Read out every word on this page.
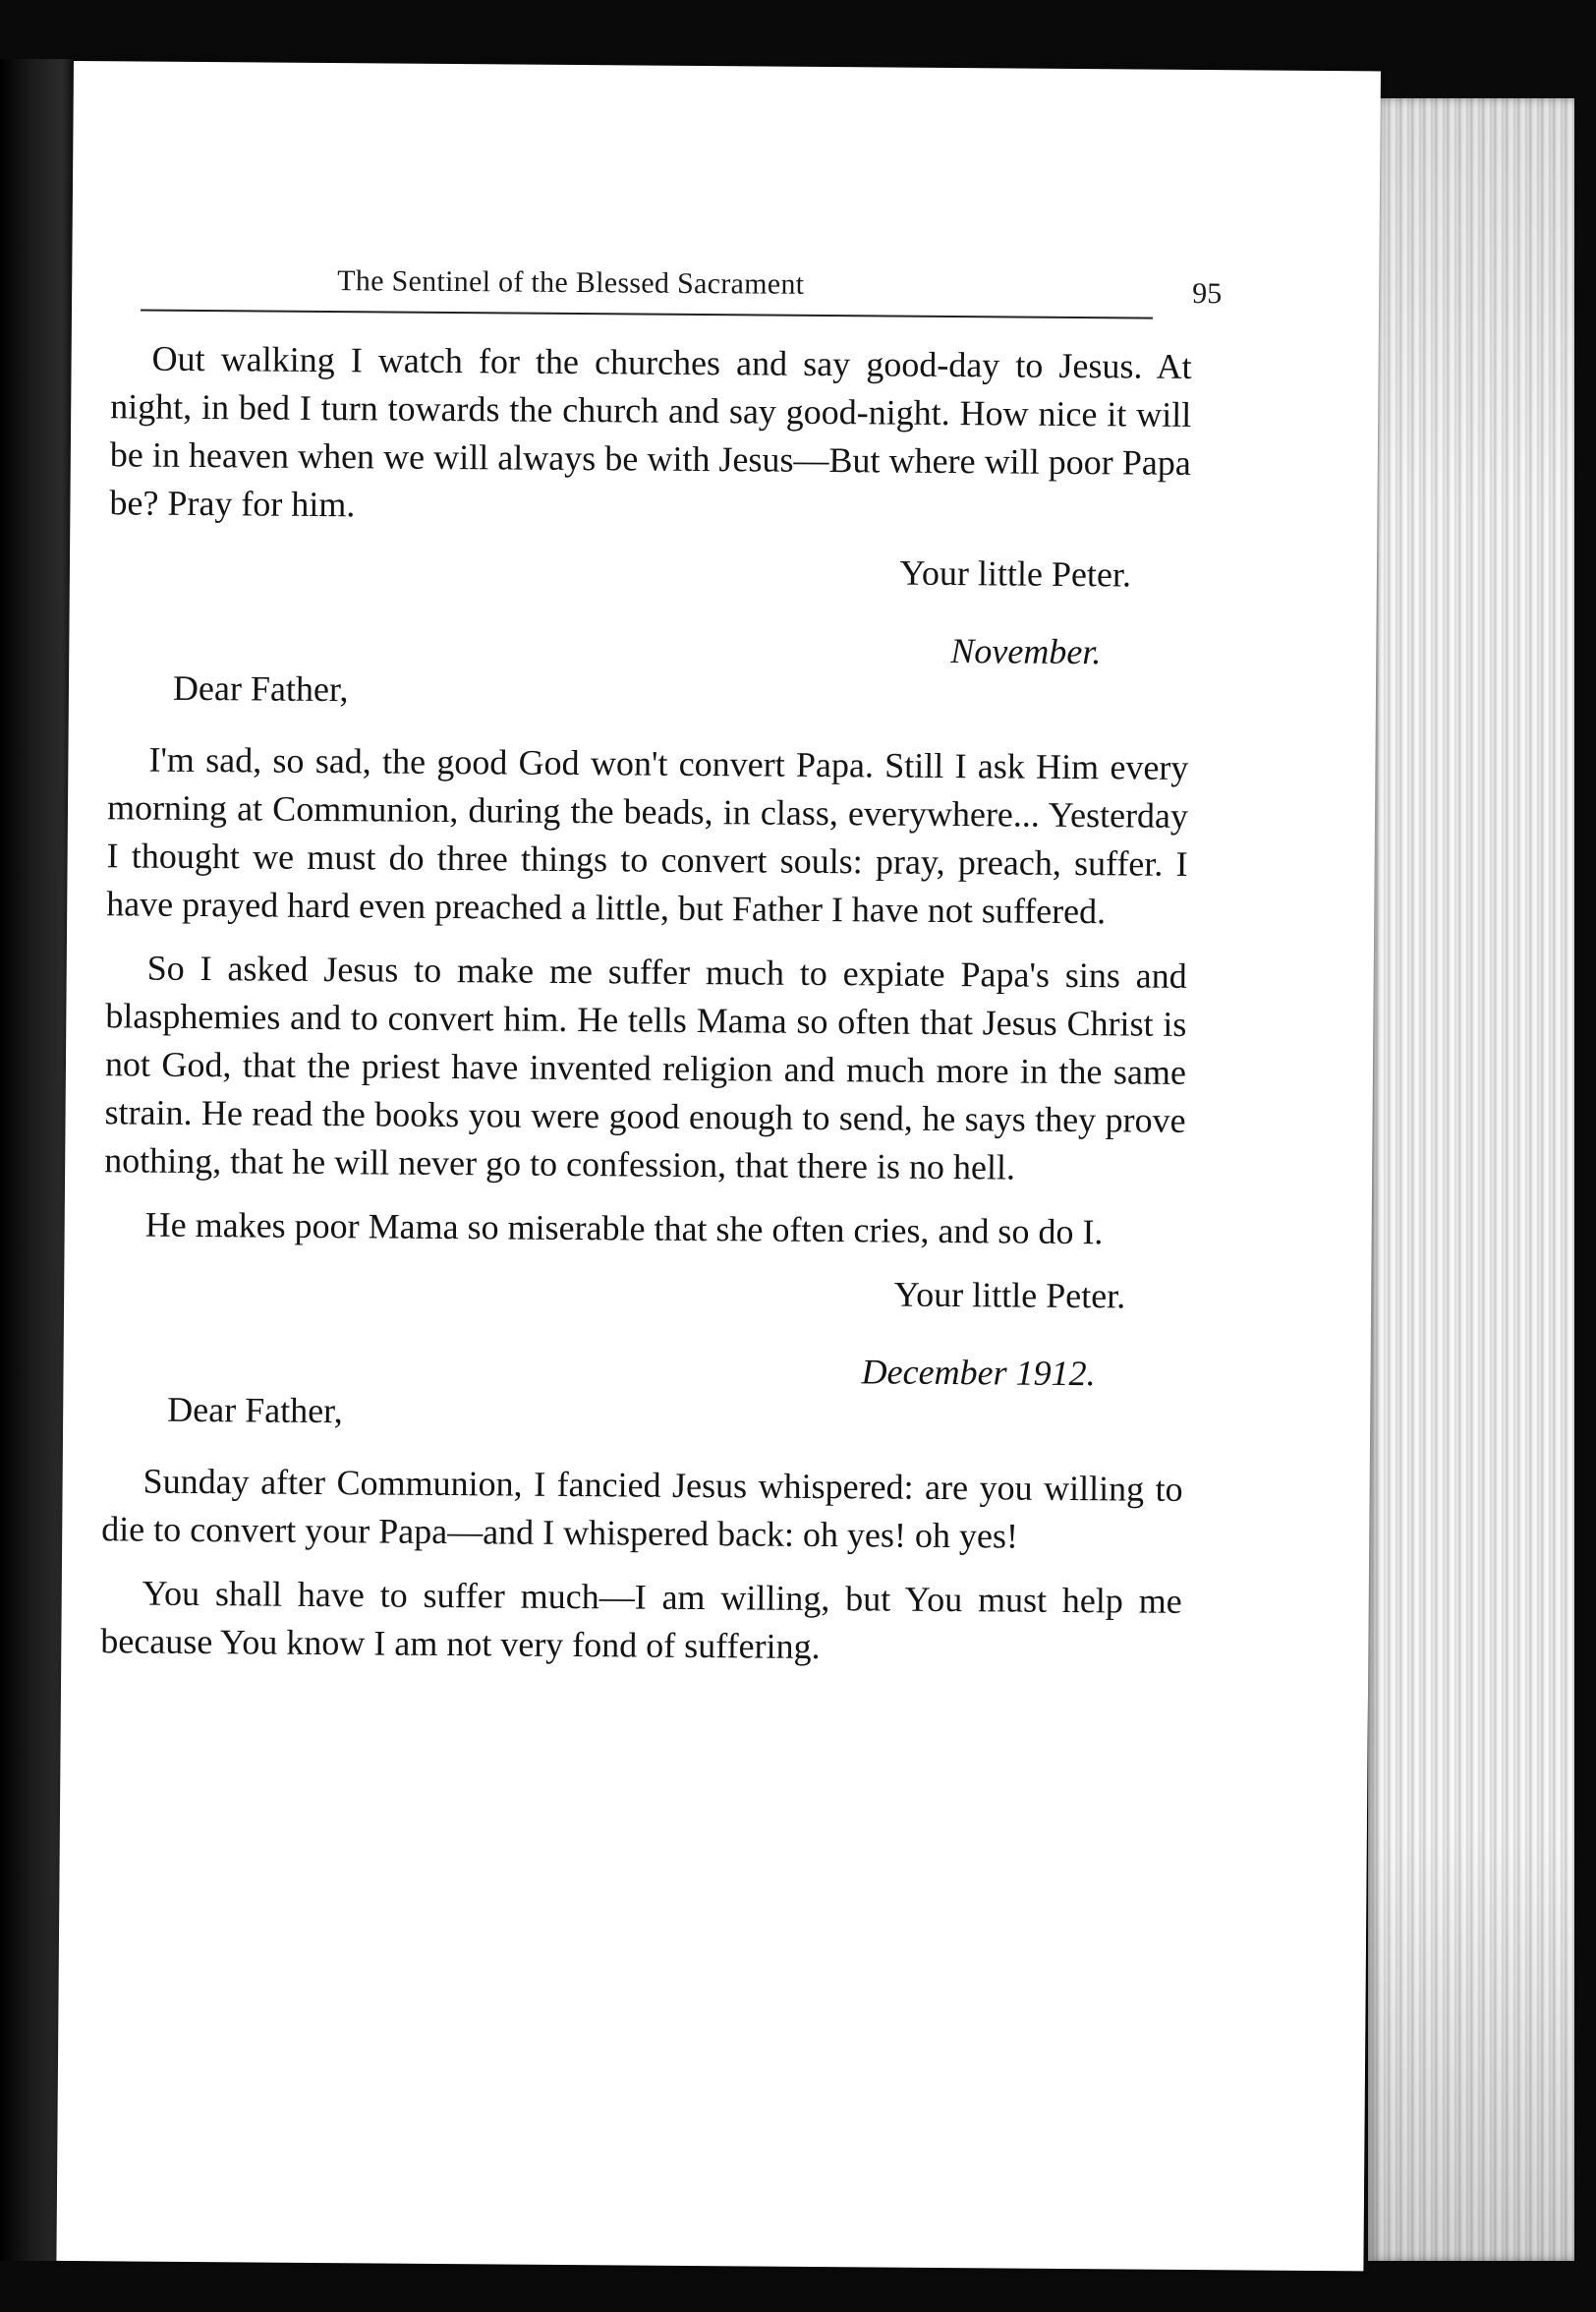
The Sentinel of the Blessed Sacrament	95

Out walking I watch for the churches and say good-day to Jesus. At night, in bed I turn towards the church and say good-night. How nice it will be in heaven when we will always be with Jesus—But where will poor Papa be? Pray for him.

Your little Peter.
November.
Dear Father,

I'm sad, so sad, the good God won't convert Papa. Still I ask Him every morning at Communion, during the beads, in class, everywhere... Yesterday I thought we must do three things to convert souls: pray, preach, suffer. I have prayed hard even preached a little, but Father I have not suffered.

So I asked Jesus to make me suffer much to expiate Papa's sins and blasphemies and to convert him. He tells Mama so often that Jesus Christ is not God, that the priest have invented religion and much more in the same strain. He read the books you were good enough to send, he says they prove nothing, that he will never go to confession, that there is no hell.

He makes poor Mama so miserable that she often cries, and so do I.

Your little Peter.
December 1912.
Dear Father,

Sunday after Communion, I fancied Jesus whispered: are you willing to die to convert your Papa—and I whispered back: oh yes! oh yes!

You shall have to suffer much—I am willing, but You must help me because You know I am not very fond of suffering.
